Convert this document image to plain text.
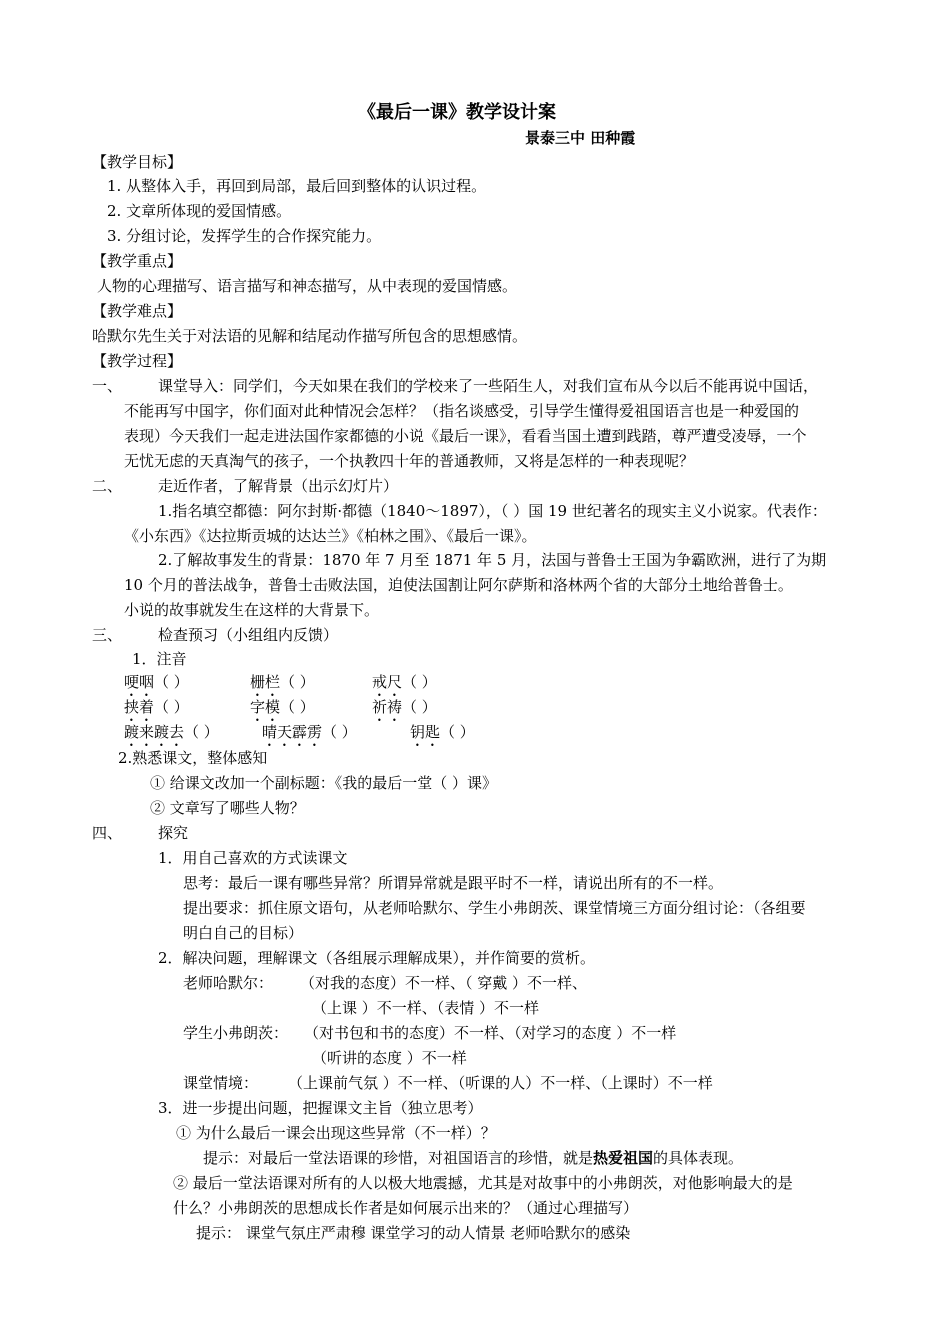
《最后一课》教学设计案
景泰三中 田种霞
【教学目标】
1. 从整体入手，再回到局部，最后回到整体的认识过程。
2. 文章所体现的爱国情感。
3. 分组讨论，发挥学生的合作探究能力。
【教学重点】
人物的心理描写、语言描写和神态描写，从中表现的爱国情感。
【教学难点】
哈默尔先生关于对法语的见解和结尾动作描写所包含的思想感情。
【教学过程】
一、 课堂导入：同学们，今天如果在我们的学校来了一些陌生人，对我们宣布从今以后不能再说中国话，
不能再写中国字，你们面对此种情况会怎样？（指名谈感受，引导学生懂得爱祖国语言也是一种爱国的
表现）今天我们一起走进法国作家都德的小说《最后一课》，看看当国土遭到践踏，尊严遭受凌辱，一个
无忧无虑的天真淘气的孩子，一个执教四十年的普通教师，又将是怎样的一种表现呢？
二、 走近作者，了解背景（出示幻灯片）
1.指名填空都德：阿尔封斯·都德（1840～1897），（ ）国 19 世纪著名的现实主义小说家。代表作：
《小东西》《达拉斯贡城的达达兰》《柏林之围》、《最后一课》。
2.了解故事发生的背景：1870 年 7 月至 1871 年 5 月，法国与普鲁士王国为争霸欧洲，进行了为期
10 个月的普法战争，普鲁士击败法国，迫使法国割让阿尔萨斯和洛林两个省的大部分土地给普鲁士。
小说的故事就发生在这样的大背景下。
三、 检查预习（小组组内反馈）
1．注音
哽咽（ ）	栅栏（ ）	戒尺（ ）
挟着（ ）	字模（ ）	祈祷（ ）
踱来踱去（ ）	晴天霹雳（ ）	钥匙（ ）
2.熟悉课文，整体感知
① 给课文改加一个副标题：《我的最后一堂（ ）课》
② 文章写了哪些人物？
四、 探究
1．用自己喜欢的方式读课文
思考：最后一课有哪些异常？所谓异常就是跟平时不一样，请说出所有的不一样。
提出要求：抓住原文语句，从老师哈默尔、学生小弗朗茨、课堂情境三方面分组讨论：（各组要
明白自己的目标）
2．解决问题，理解课文（各组展示理解成果），并作简要的赏析。
老师哈默尔： （对我的态度）不一样、（ 穿戴 ）不一样、
（上课 ）不一样、（表情 ）不一样
学生小弗朗茨： （对书包和书的态度）不一样、（对学习的态度 ）不一样
（听讲的态度 ）不一样
课堂情境： （上课前气氛 ）不一样、（听课的人）不一样、（上课时）不一样
3．进一步提出问题，把握课文主旨（独立思考）
① 为什么最后一课会出现这些异常（不一样）？
提示：对最后一堂法语课的珍惜，对祖国语言的珍惜，就是热爱祖国的具体表现。
② 最后一堂法语课对所有的人以极大地震撼，尤其是对故事中的小弗朗茨，对他影响最大的是
什么？小弗朗茨的思想成长作者是如何展示出来的？（通过心理描写）
提示： 课堂气氛庄严肃穆 课堂学习的动人情景 老师哈默尔的感染
